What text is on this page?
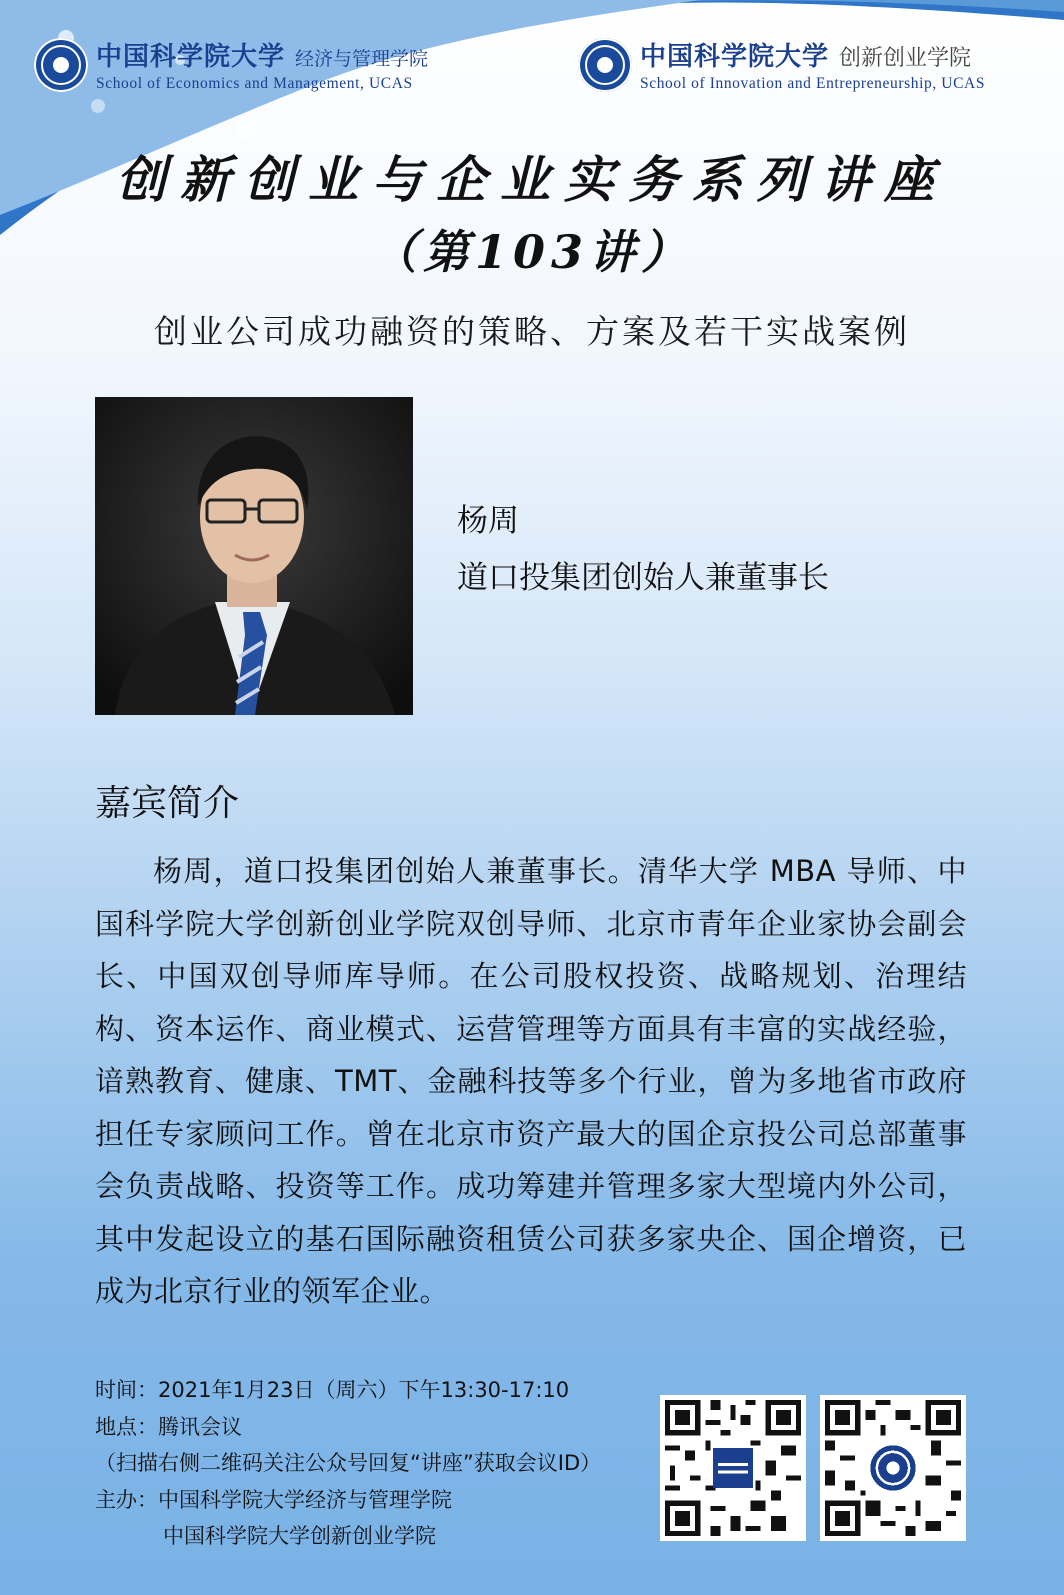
中国科学院大学 经济与管理学院
School of Economics and Management, UCAS
中国科学院大学 创新创业学院
School of Innovation and Entrepreneurship, UCAS
创新创业与企业实务系列讲座
（第103讲）
创业公司成功融资的策略、方案及若干实战案例
杨周
道口投集团创始人兼董事长
嘉宾简介
杨周，道口投集团创始人兼董事长。清华大学 MBA 导师、中国科学院大学创新创业学院双创导师、北京市青年企业家协会副会长、中国双创导师库导师。在公司股权投资、战略规划、治理结构、资本运作、商业模式、运营管理等方面具有丰富的实战经验，谙熟教育、健康、TMT、金融科技等多个行业，曾为多地省市政府担任专家顾问工作。曾在北京市资产最大的国企京投公司总部董事会负责战略、投资等工作。成功筹建并管理多家大型境内外公司，其中发起设立的基石国际融资租赁公司获多家央企、国企增资，已成为北京行业的领军企业。
时间：2021年1月23日（周六）下午13:30-17:10
地点：腾讯会议
（扫描右侧二维码关注公众号回复“讲座”获取会议ID）
主办：中国科学院大学经济与管理学院
中国科学院大学创新创业学院
